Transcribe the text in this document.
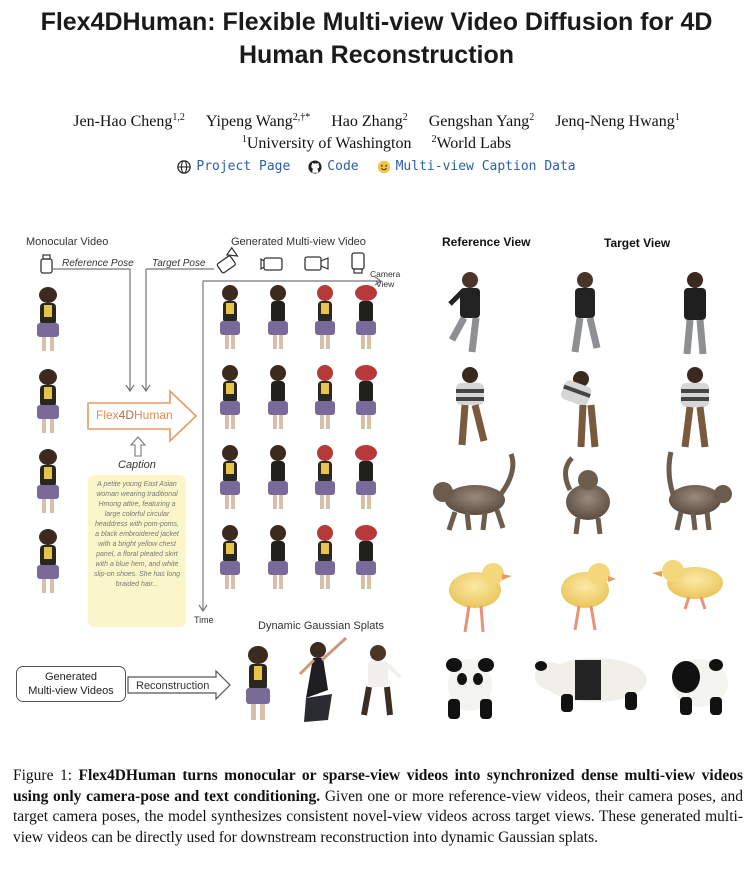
Flex4DHuman: Flexible Multi-view Video Diffusion for 4D Human Reconstruction
Jen-Hao Cheng$^{1,2}$ Yipeng Wang$^{2,\dagger*}$ Hao Zhang$^2$ Gengshan Yang$^2$ Jenq-Neng Hwang$^1$
$^1$University of Washington $^2$World Labs
Project Page	Code	Multi-view Caption Data
Monocular Video
Reference Pose Target Pose
Generated Multi-view Video
Camera
View
Time
Flex4DHuman
Caption
A petite young East Asian woman wearing traditional Hmong attire, featuring a large colorful circular headdress with pom-poms, a black embroidered jacket with a bright yellow chest panel, a floral pleated skirt with a blue hem, and white slip-on shoes. She has long braided hair...
Dynamic Gaussian Splats
Generated
Multi-view Videos	Reconstruction
Reference View	Target View
Figure 1: Flex4DHuman turns monocular or sparse-view videos into synchronized dense multi-view videos using only camera-pose and text conditioning. Given one or more reference-view videos, their camera poses, and target camera poses, the model synthesizes consistent novel-view videos across target views. These generated multi-view videos can be directly used for downstream reconstruction into dynamic Gaussian splats.
